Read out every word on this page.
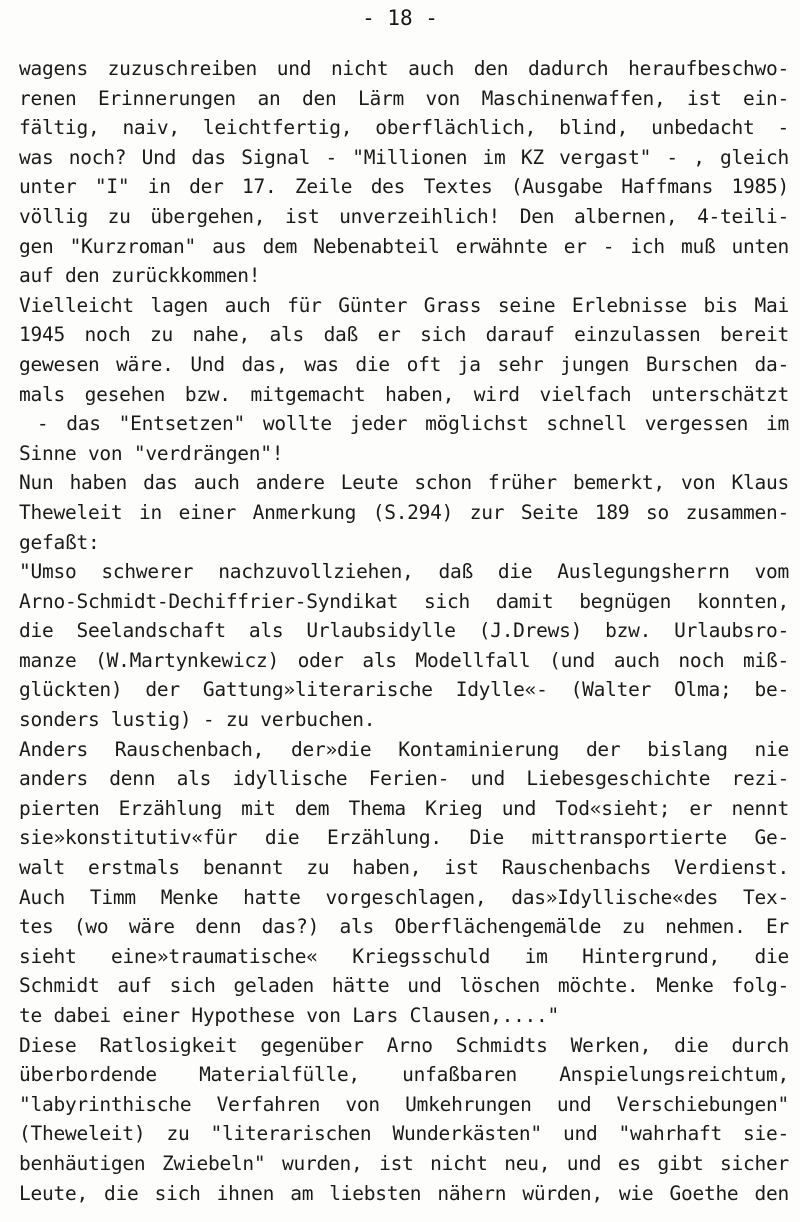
- 18 -
wagens zuzuschreiben und nicht auch den dadurch heraufbeschwo-
renen Erinnerungen an den Lärm von Maschinenwaffen, ist ein-
fältig, naiv, leichtfertig, oberflächlich, blind, unbedacht -
was noch? Und das Signal - "Millionen im KZ vergast" - , gleich
unter "I" in der 17. Zeile des Textes (Ausgabe Haffmans 1985)
völlig zu übergehen, ist unverzeihlich! Den albernen, 4-teili-
gen "Kurzroman" aus dem Nebenabteil erwähnte er - ich muß unten
auf den zurückkommen!
Vielleicht lagen auch für Günter Grass seine Erlebnisse bis Mai
1945 noch zu nahe, als daß er sich darauf einzulassen bereit
gewesen wäre. Und das, was die oft ja sehr jungen Burschen da-
mals gesehen bzw. mitgemacht haben, wird vielfach unterschätzt
- das "Entsetzen" wollte jeder möglichst schnell vergessen im
Sinne von "verdrängen"!
Nun haben das auch andere Leute schon früher bemerkt, von Klaus
Theweleit in einer Anmerkung (S.294) zur Seite 189 so zusammen-
gefaßt:
"Umso schwerer nachzuvollziehen, daß die Auslegungsherrn vom
Arno-Schmidt-Dechiffrier-Syndikat sich damit begnügen konnten,
die Seelandschaft als Urlaubsidylle (J.Drews) bzw. Urlaubsro-
manze (W.Martynkewicz) oder als Modellfall (und auch noch miß-
glückten) der Gattung»literarische Idylle«- (Walter Olma; be-
sonders lustig) - zu verbuchen.
Anders Rauschenbach, der»die Kontaminierung der bislang nie
anders denn als idyllische Ferien- und Liebesgeschichte rezi-
pierten Erzählung mit dem Thema Krieg und Tod«sieht; er nennt
sie»konstitutiv«für die Erzählung. Die mittransportierte Ge-
walt erstmals benannt zu haben, ist Rauschenbachs Verdienst.
Auch Timm Menke hatte vorgeschlagen, das»Idyllische«des Tex-
tes (wo wäre denn das?) als Oberflächengemälde zu nehmen. Er
sieht eine»traumatische« Kriegsschuld im Hintergrund, die
Schmidt auf sich geladen hätte und löschen möchte. Menke folg-
te dabei einer Hypothese von Lars Clausen,...."
Diese Ratlosigkeit gegenüber Arno Schmidts Werken, die durch
überbordende Materialfülle, unfaßbaren Anspielungsreichtum,
"labyrinthische Verfahren von Umkehrungen und Verschiebungen"
(Theweleit) zu "literarischen Wunderkästen" und "wahrhaft sie-
benhäutigen Zwiebeln" wurden, ist nicht neu, und es gibt sicher
Leute, die sich ihnen am liebsten nähern würden, wie Goethe den
